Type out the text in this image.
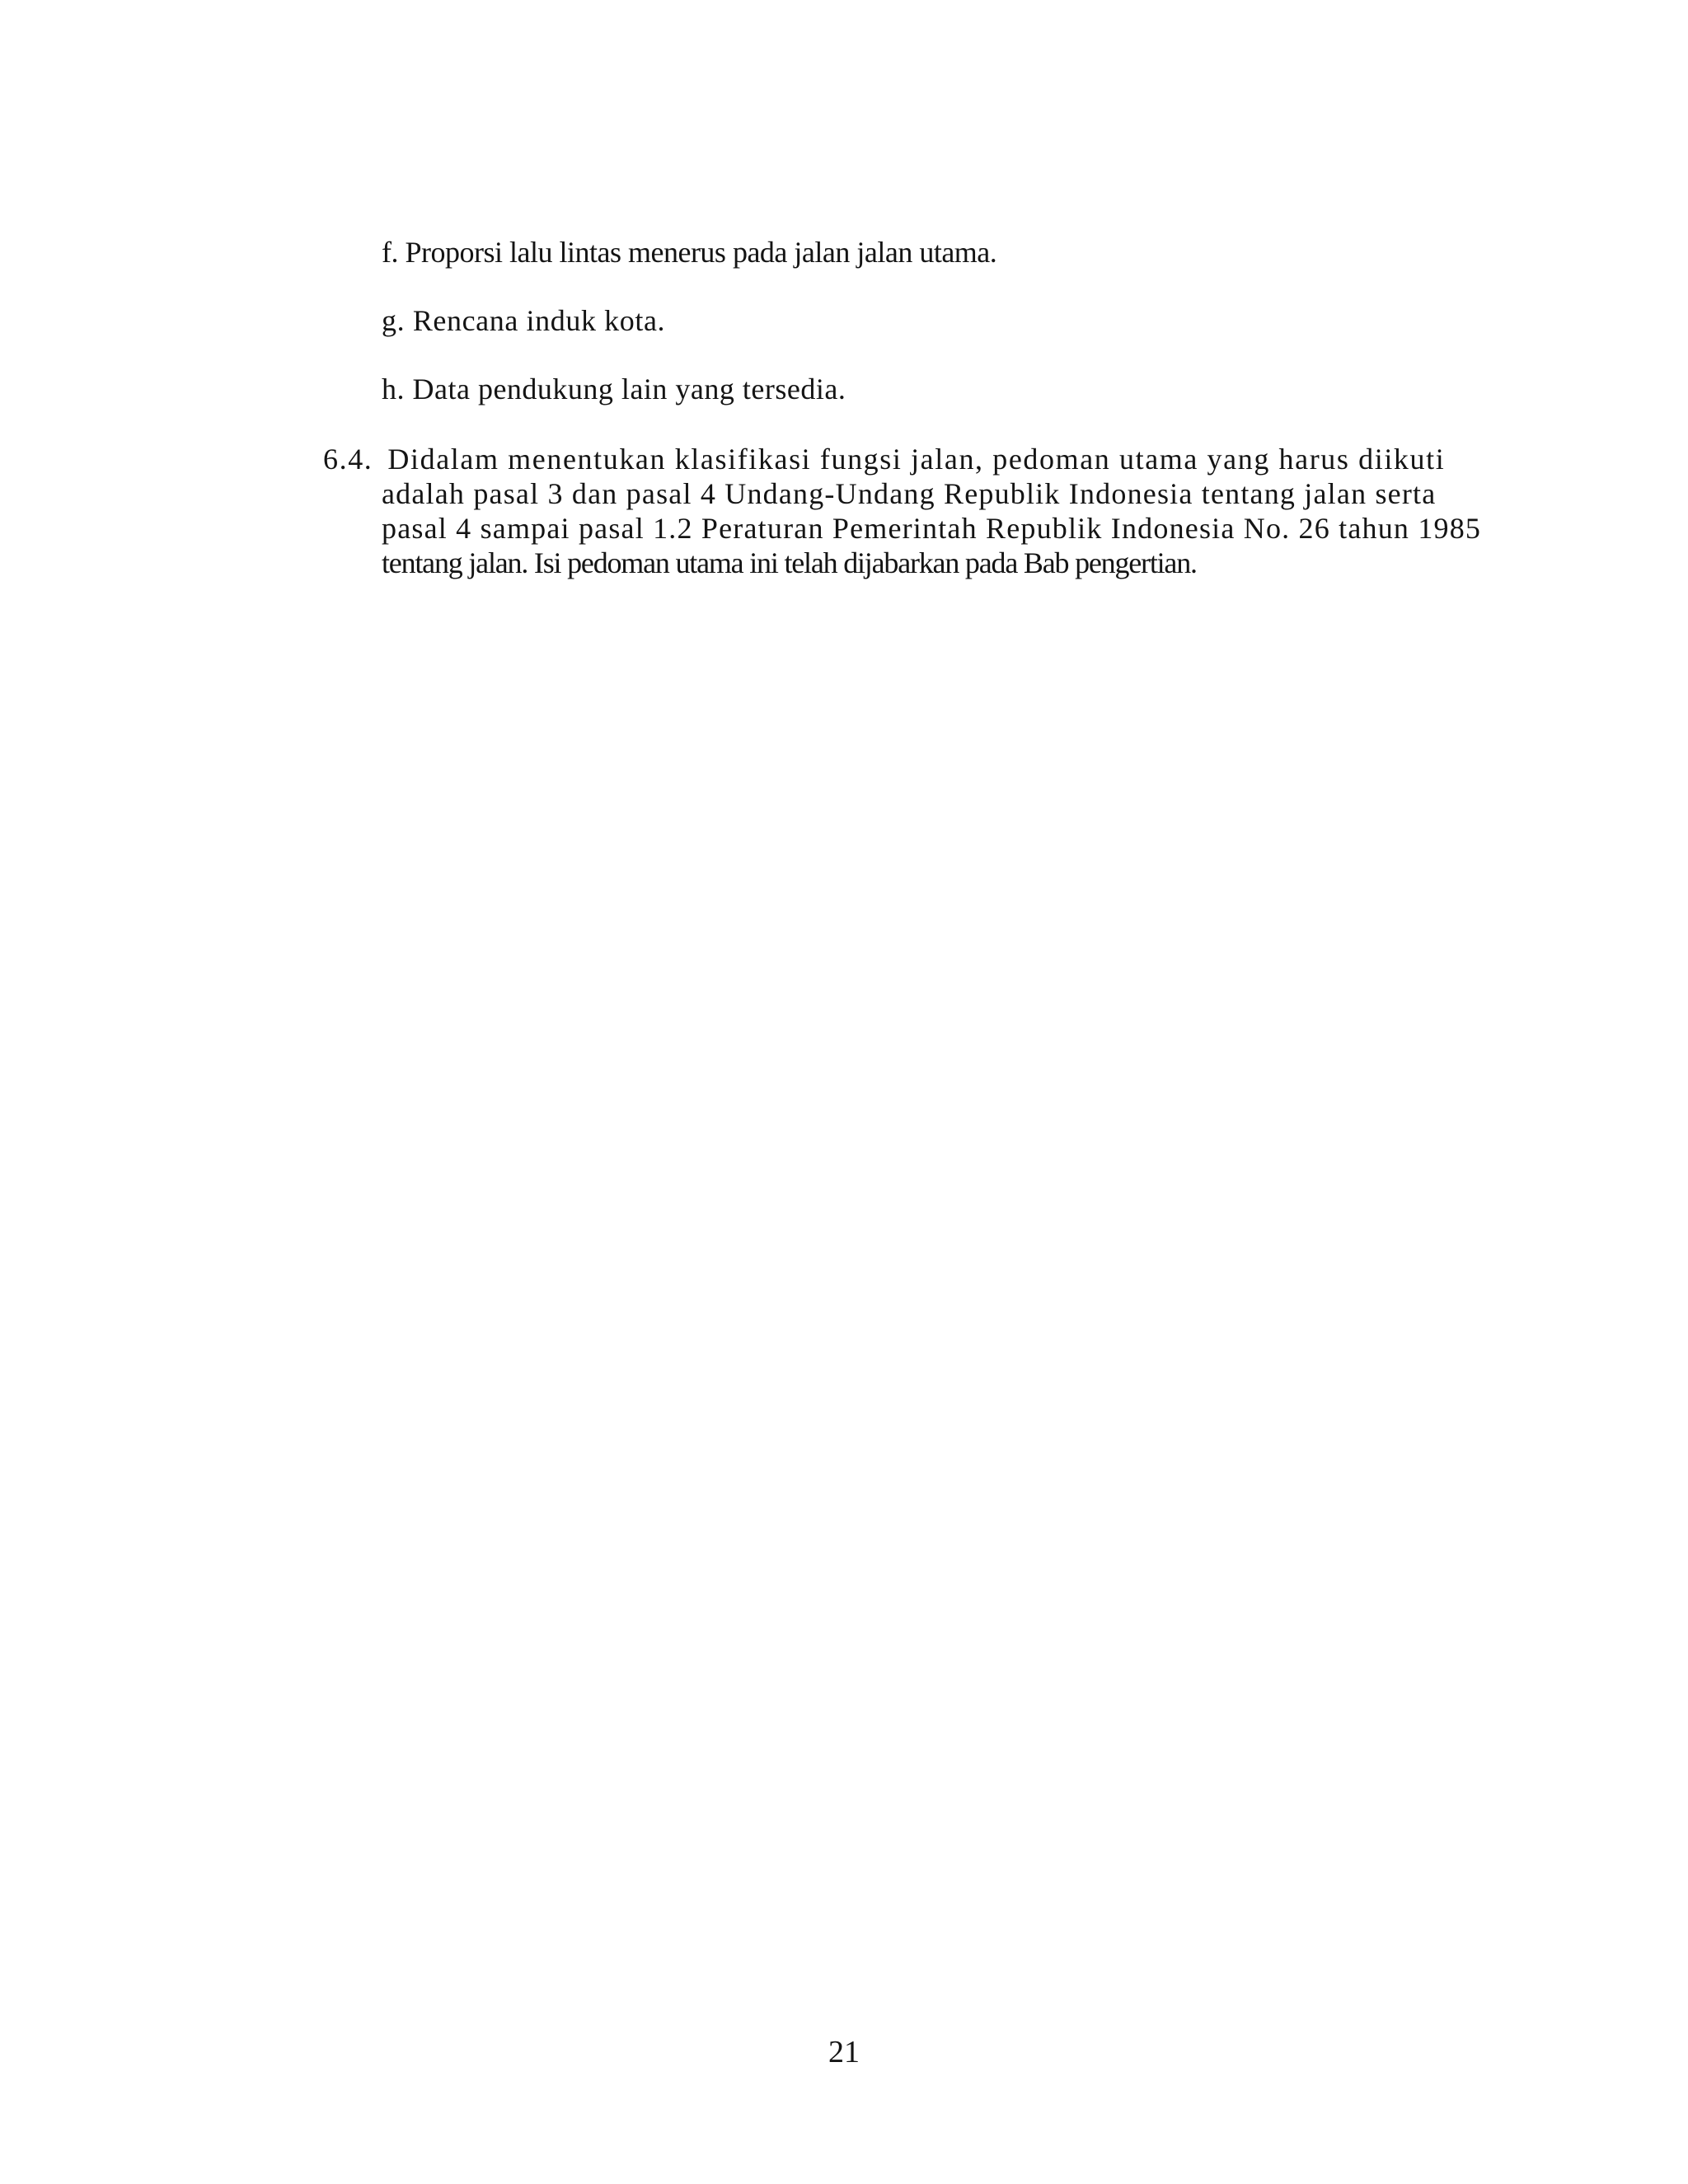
f. Proporsi lalu lintas menerus pada jalan jalan utama.
g. Rencana induk kota.
h. Data pendukung lain yang tersedia.
6.4. Didalam menentukan klasifikasi fungsi jalan, pedoman utama yang harus diikuti
adalah pasal 3 dan pasal 4 Undang-Undang Republik Indonesia tentang jalan serta
pasal 4 sampai pasal 1.2 Peraturan Pemerintah Republik Indonesia No. 26 tahun 1985
tentang jalan. Isi pedoman utama ini telah dijabarkan pada Bab pengertian.
21
